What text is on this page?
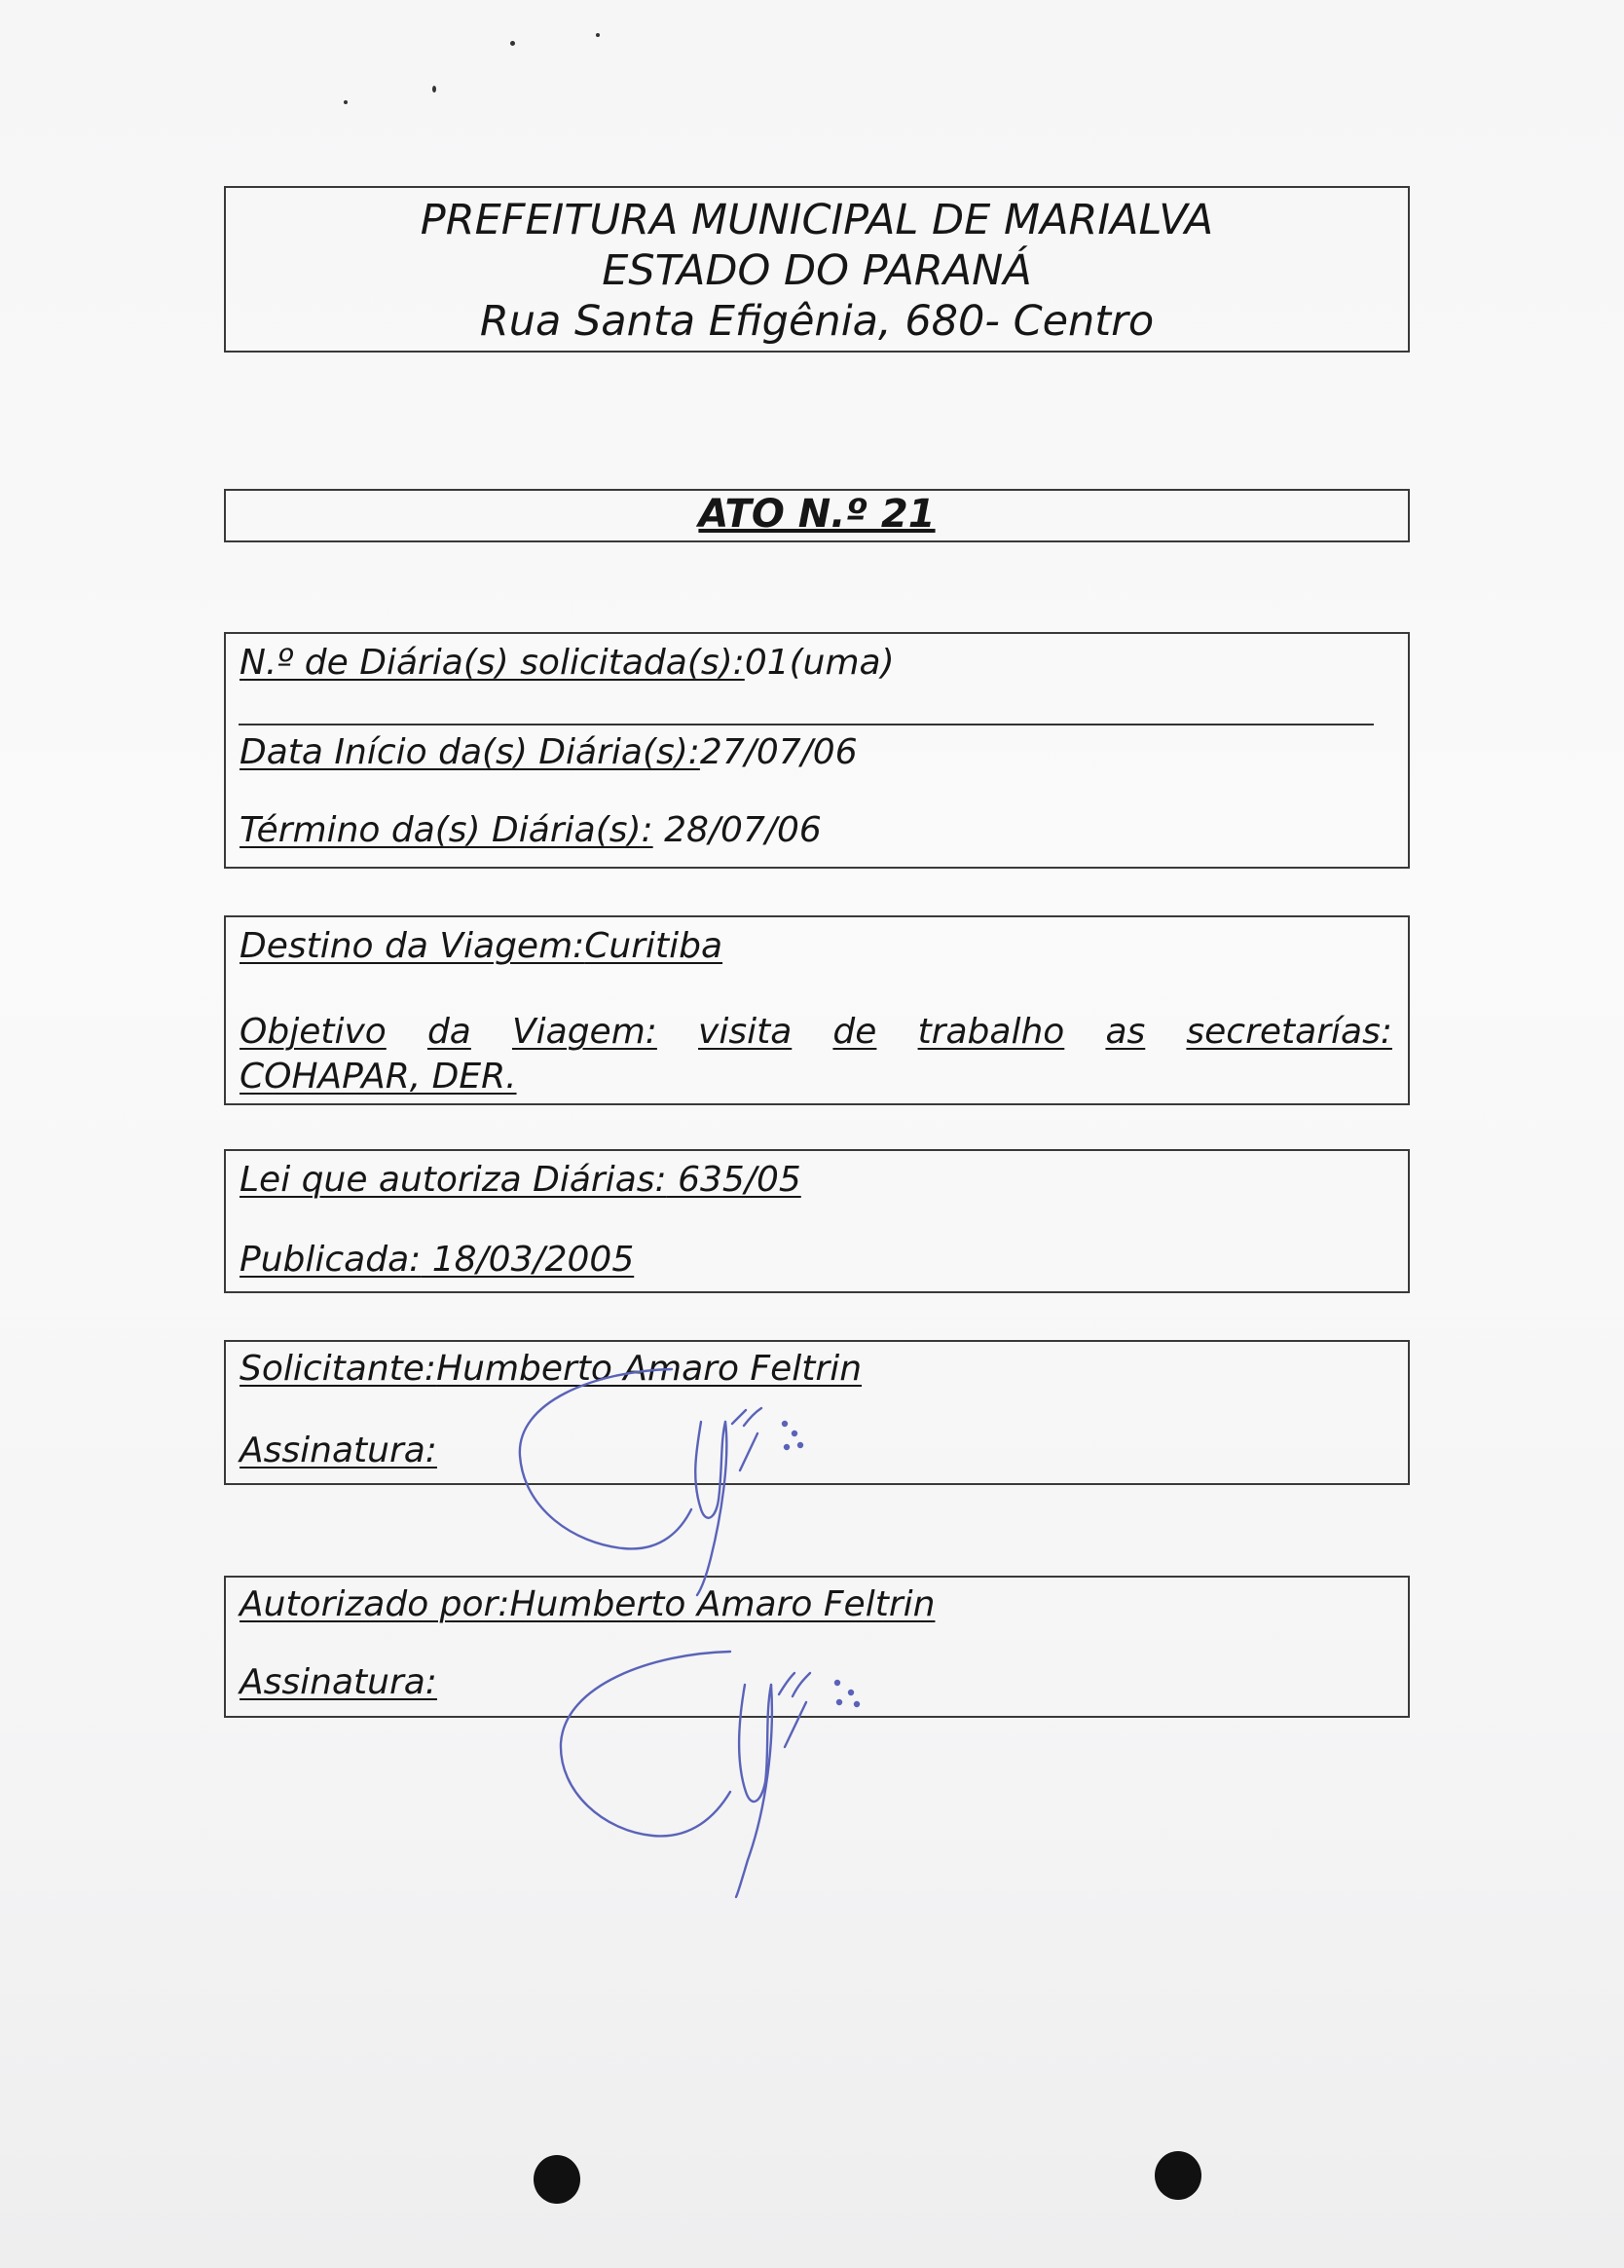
PREFEITURA MUNICIPAL DE MARIALVA
ESTADO DO PARANÁ
Rua Santa Efigênia, 680- Centro
ATO N.º 21
N.º de Diária(s) solicitada(s):01(uma)
Data Início da(s) Diária(s):27/07/06
Término da(s) Diária(s): 28/07/06
Destino da Viagem:Curitiba
Objetivo da Viagem: visita de trabalho as secretarías:
COHAPAR, DER.
Lei que autoriza Diárias: 635/05
Publicada: 18/03/2005
Solicitante:Humberto Amaro Feltrin
Assinatura:
Autorizado por:Humberto Amaro Feltrin
Assinatura:
